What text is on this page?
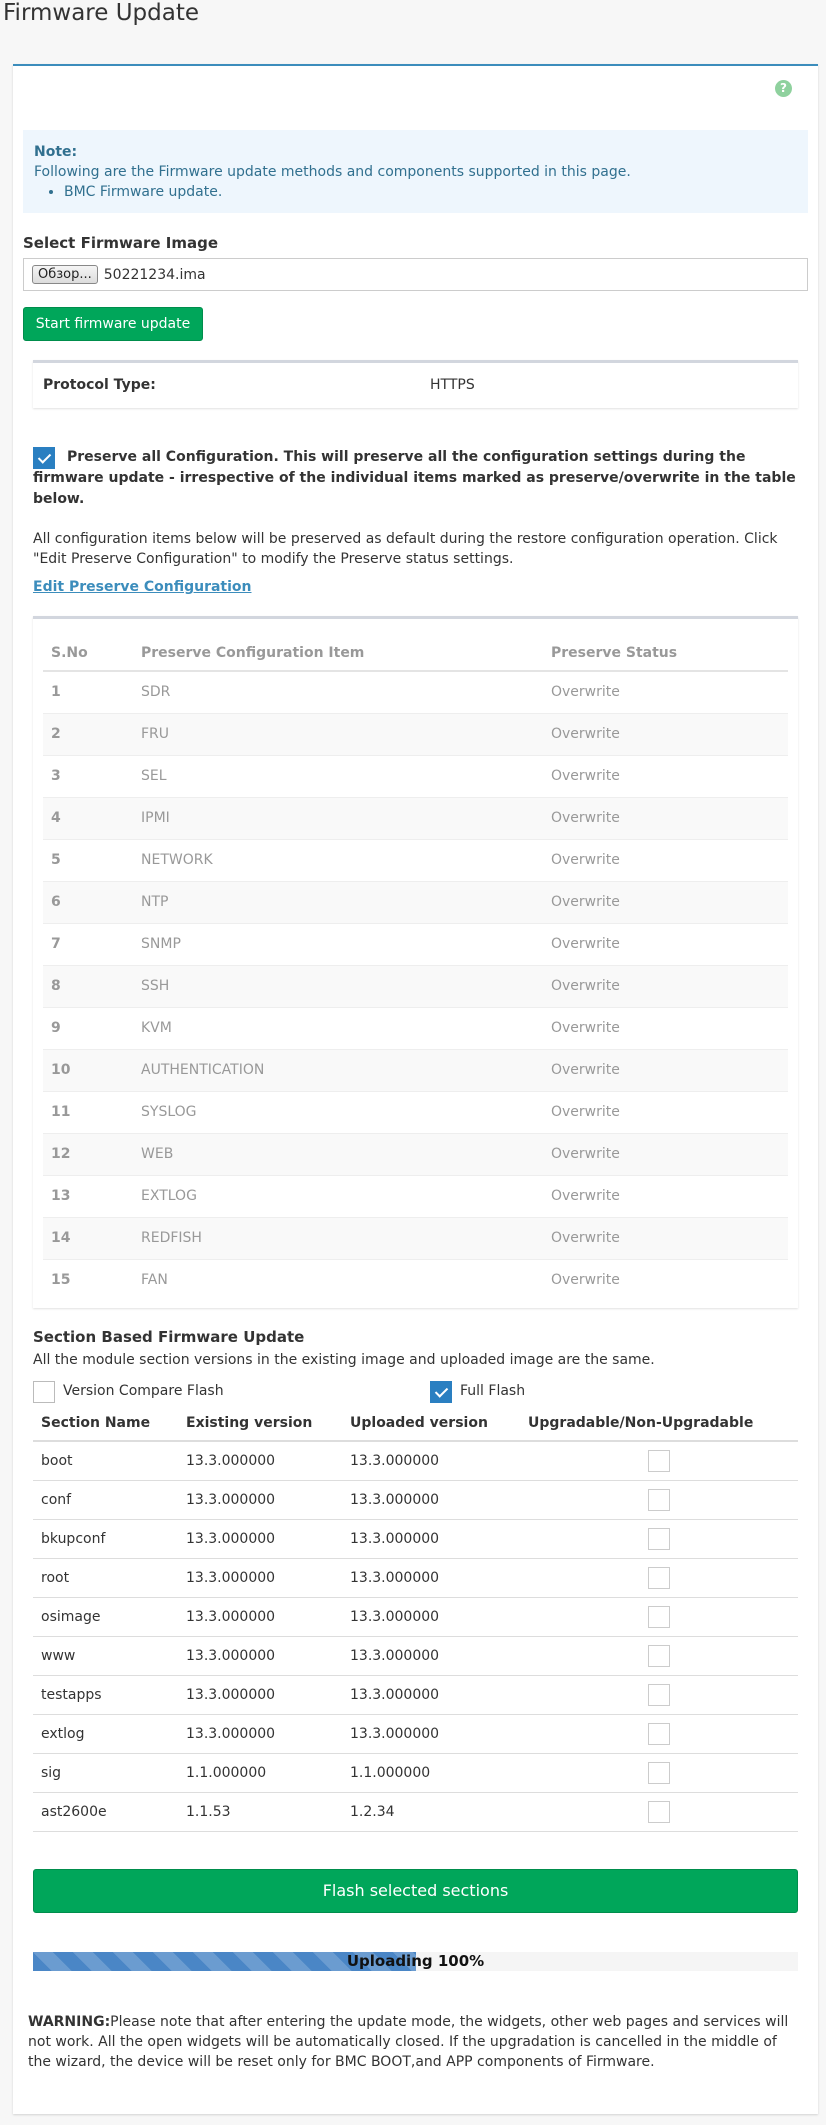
Firmware Update
?
Note:
Following are the Firmware update methods and components supported in this page.
• BMC Firmware update.
Select Firmware Image
Обзор... 50221234.ima
Start firmware update
Protocol Type:	HTTPS
Preserve all Configuration. This will preserve all the configuration settings during the firmware update - irrespective of the individual items marked as preserve/overwrite in the table below.
All configuration items below will be preserved as default during the restore configuration operation. Click "Edit Preserve Configuration" to modify the Preserve status settings.
Edit Preserve Configuration
S.No	Preserve Configuration Item	Preserve Status
1	SDR	Overwrite
2	FRU	Overwrite
3	SEL	Overwrite
4	IPMI	Overwrite
5	NETWORK	Overwrite
6	NTP	Overwrite
7	SNMP	Overwrite
8	SSH	Overwrite
9	KVM	Overwrite
10	AUTHENTICATION	Overwrite
11	SYSLOG	Overwrite
12	WEB	Overwrite
13	EXTLOG	Overwrite
14	REDFISH	Overwrite
15	FAN	Overwrite
Section Based Firmware Update
All the module section versions in the existing image and uploaded image are the same.
Version Compare Flash	Full Flash
Section Name	Existing version	Uploaded version	Upgradable/Non-Upgradable
boot	13.3.000000	13.3.000000	
conf	13.3.000000	13.3.000000	
bkupconf	13.3.000000	13.3.000000	
root	13.3.000000	13.3.000000	
osimage	13.3.000000	13.3.000000	
www	13.3.000000	13.3.000000	
testapps	13.3.000000	13.3.000000	
extlog	13.3.000000	13.3.000000	
sig	1.1.000000	1.1.000000	
ast2600e	1.1.53	1.2.34	
Flash selected sections
Uploading 100%
WARNING:Please note that after entering the update mode, the widgets, other web pages and services will not work. All the open widgets will be automatically closed. If the upgradation is cancelled in the middle of the wizard, the device will be reset only for BMC BOOT,and APP components of Firmware.
